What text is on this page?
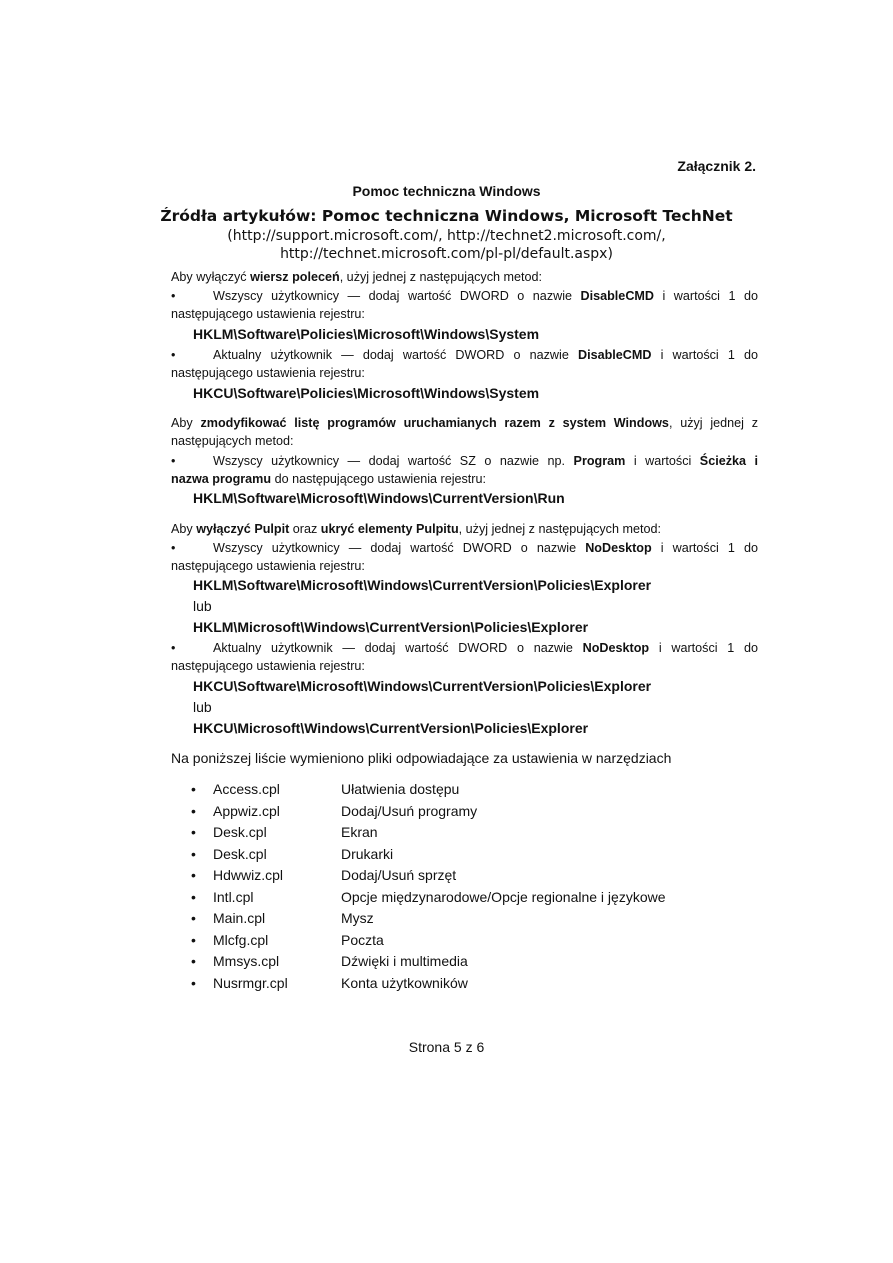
Załącznik 2.
Pomoc techniczna Windows
Źródła artykułów: Pomoc techniczna Windows, Microsoft TechNet
(http://support.microsoft.com/, http://technet2.microsoft.com/,
http://technet.microsoft.com/pl-pl/default.aspx)
Aby wyłączyć wiersz poleceń, użyj jednej z następujących metod:
•	Wszyscy użytkownicy — dodaj wartość DWORD o nazwie DisableCMD i wartości 1 do
następującego ustawienia rejestru:
HKLM\Software\Policies\Microsoft\Windows\System
•	Aktualny użytkownik — dodaj wartość DWORD o nazwie DisableCMD i wartości 1 do
następującego ustawienia rejestru:
HKCU\Software\Policies\Microsoft\Windows\System
Aby zmodyfikować listę programów uruchamianych razem z system Windows, użyj jednej z
następujących metod:
•	Wszyscy użytkownicy — dodaj wartość SZ o nazwie np. Program i wartości Ścieżka i
nazwa programu do następującego ustawienia rejestru:
HKLM\Software\Microsoft\Windows\CurrentVersion\Run
Aby wyłączyć Pulpit oraz ukryć elementy Pulpitu, użyj jednej z następujących metod:
•	Wszyscy użytkownicy — dodaj wartość DWORD o nazwie NoDesktop i wartości 1 do
następującego ustawienia rejestru:
HKLM\Software\Microsoft\Windows\CurrentVersion\Policies\Explorer
lub
HKLM\Microsoft\Windows\CurrentVersion\Policies\Explorer
•	Aktualny użytkownik — dodaj wartość DWORD o nazwie NoDesktop i wartości 1 do
następującego ustawienia rejestru:
HKCU\Software\Microsoft\Windows\CurrentVersion\Policies\Explorer
lub
HKCU\Microsoft\Windows\CurrentVersion\Policies\Explorer
Na poniższej liście wymieniono pliki odpowiadające za ustawienia w narzędziach
• Access.cpl	Ułatwienia dostępu
• Appwiz.cpl	Dodaj/Usuń programy
• Desk.cpl	Ekran
• Desk.cpl	Drukarki
• Hdwwiz.cpl	Dodaj/Usuń sprzęt
• Intl.cpl	Opcje międzynarodowe/Opcje regionalne i językowe
• Main.cpl	Mysz
• Mlcfg.cpl	Poczta
• Mmsys.cpl	Dźwięki i multimedia
• Nusrmgr.cpl	Konta użytkowników
Strona 5 z 6
